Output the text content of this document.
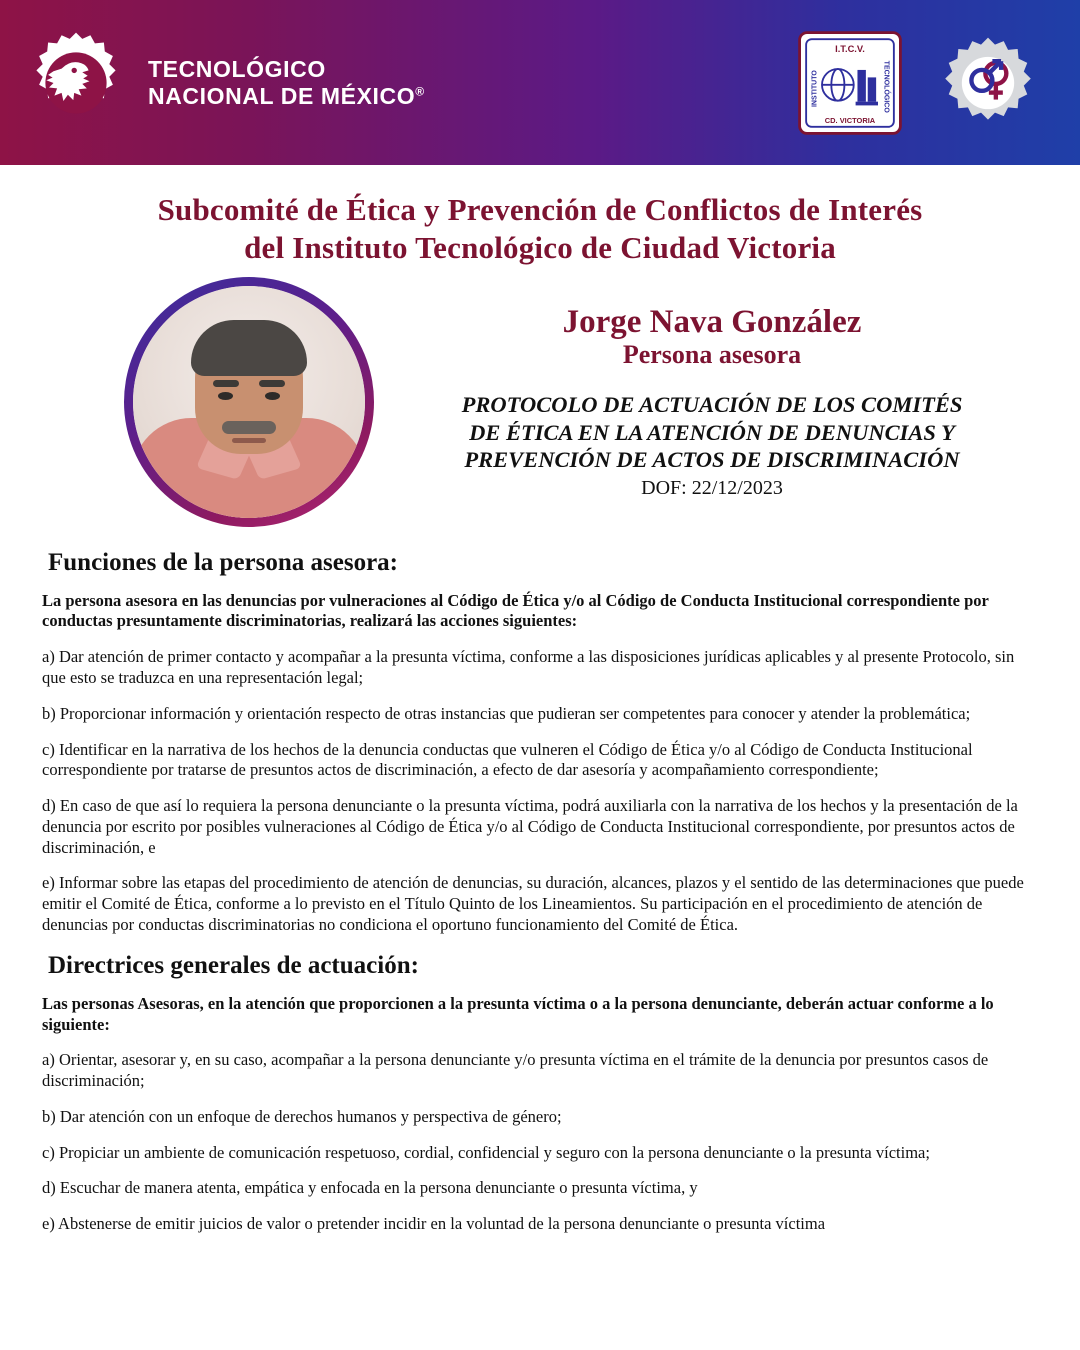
TECNOLÓGICO
NACIONAL DE MÉXICO®
I.T.C.V.
INSTITUTO	TECNOLÓGICO
CD. VICTORIA
Subcomité de Ética y Prevención de Conflictos de Interés
del Instituto Tecnológico de Ciudad Victoria
Jorge Nava González
Persona asesora
PROTOCOLO DE ACTUACIÓN DE LOS COMITÉS
DE ÉTICA EN LA ATENCIÓN DE DENUNCIAS Y
PREVENCIÓN DE ACTOS DE DISCRIMINACIÓN
DOF: 22/12/2023
Funciones de la persona asesora:

La persona asesora en las denuncias por vulneraciones al Código de Ética y/o al Código de Conducta Institucional correspondiente por conductas presuntamente discriminatorias, realizará las acciones siguientes:

a) Dar atención de primer contacto y acompañar a la presunta víctima, conforme a las disposiciones jurídicas aplicables y al presente Protocolo, sin que esto se traduzca en una representación legal;

b) Proporcionar información y orientación respecto de otras instancias que pudieran ser competentes para conocer y atender la problemática;

c) Identificar en la narrativa de los hechos de la denuncia conductas que vulneren el Código de Ética y/o al Código de Conducta Institucional correspondiente por tratarse de presuntos actos de discriminación, a efecto de dar asesoría y acompañamiento correspondiente;

d) En caso de que así lo requiera la persona denunciante o la presunta víctima, podrá auxiliarla con la narrativa de los hechos y la presentación de la denuncia por escrito por posibles vulneraciones al Código de Ética y/o al Código de Conducta Institucional correspondiente, por presuntos actos de discriminación, e

e) Informar sobre las etapas del procedimiento de atención de denuncias, su duración, alcances, plazos y el sentido de las determinaciones que puede emitir el Comité de Ética, conforme a lo previsto en el Título Quinto de los Lineamientos. Su participación en el procedimiento de atención de denuncias por conductas discriminatorias no condiciona el oportuno funcionamiento del Comité de Ética.

Directrices generales de actuación:

Las personas Asesoras, en la atención que proporcionen a la presunta víctima o a la persona denunciante, deberán actuar conforme a lo siguiente:

a) Orientar, asesorar y, en su caso, acompañar a la persona denunciante y/o presunta víctima en el trámite de la denuncia por presuntos casos de discriminación;

b) Dar atención con un enfoque de derechos humanos y perspectiva de género;

c) Propiciar un ambiente de comunicación respetuoso, cordial, confidencial y seguro con la persona denunciante o la presunta víctima;

d) Escuchar de manera atenta, empática y enfocada en la persona denunciante o presunta víctima, y

e) Abstenerse de emitir juicios de valor o pretender incidir en la voluntad de la persona denunciante o presunta víctima
